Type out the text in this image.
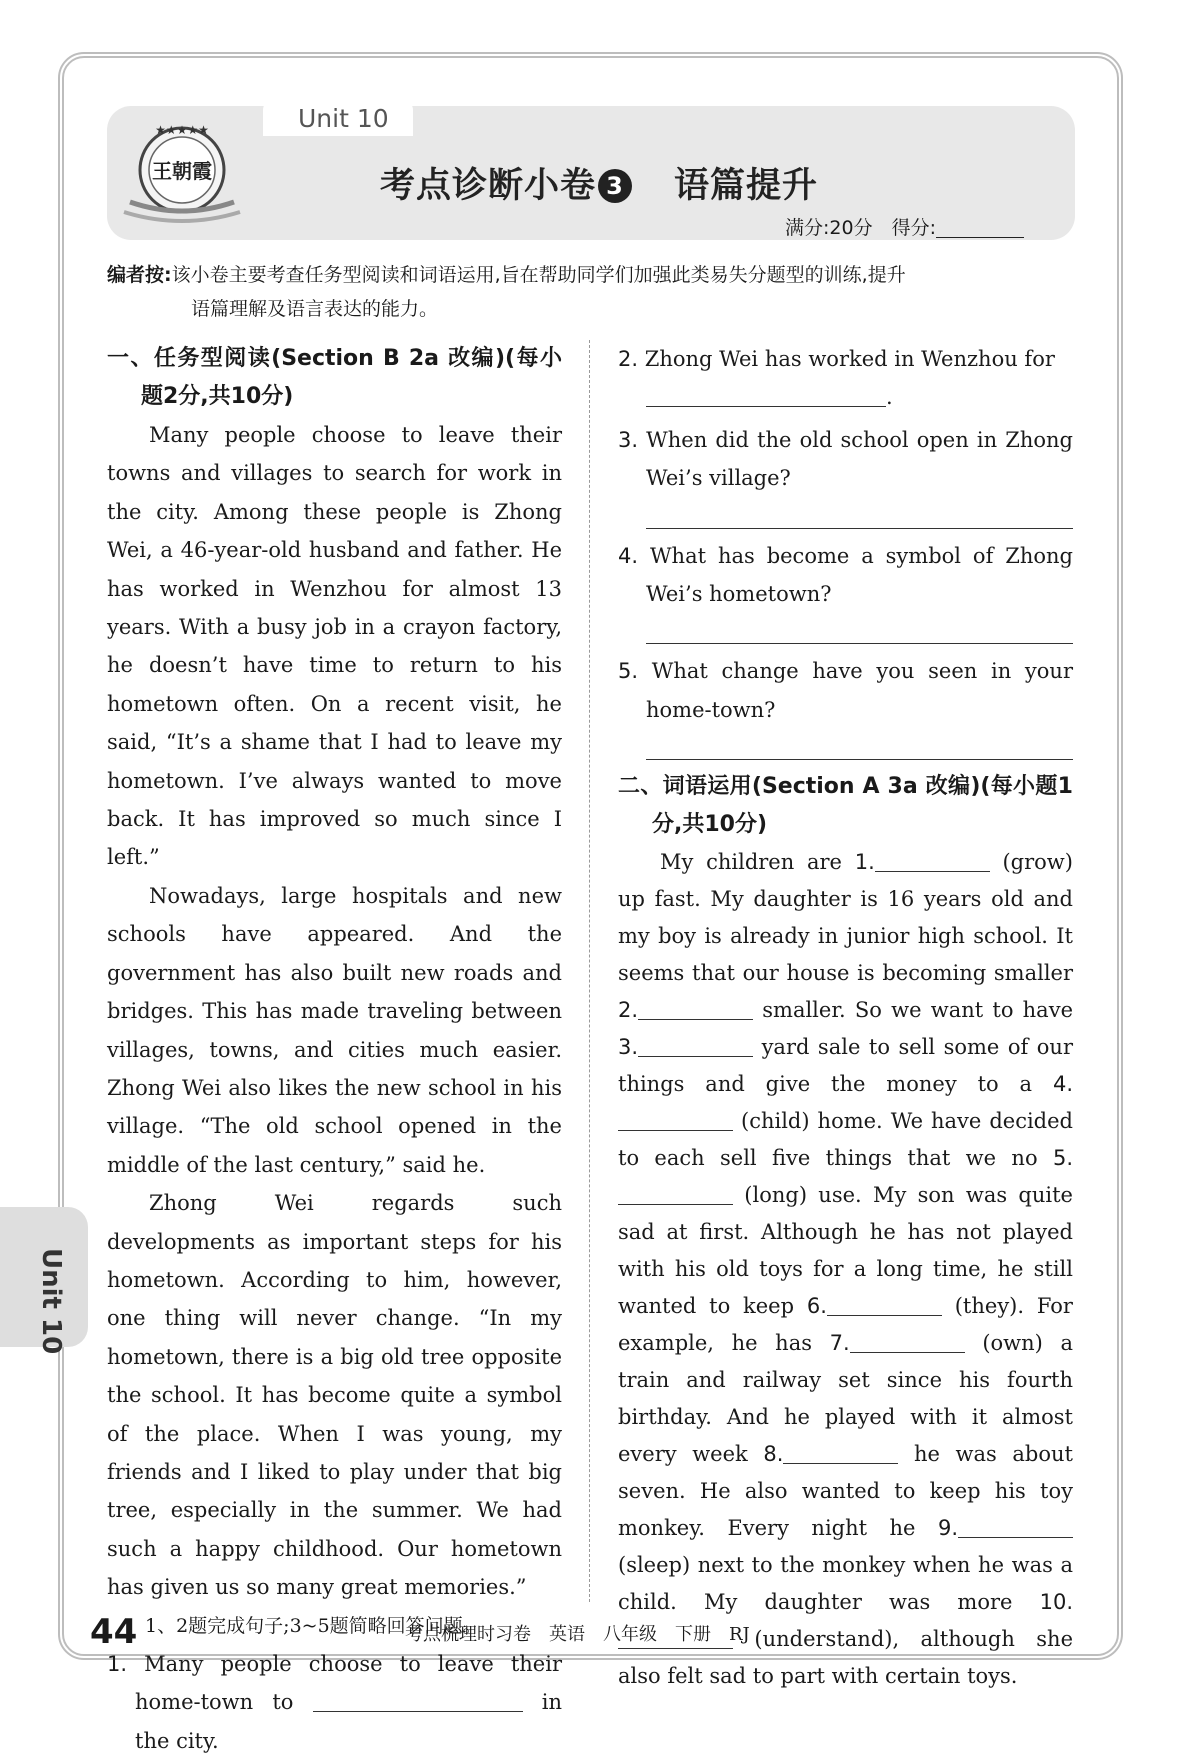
Unit 10
王朝霞
★★★★★
考点诊断小卷 3 语篇提升
满分:20分　得分:
编者按:该小卷主要考查任务型阅读和词语运用,旨在帮助同学们加强此类易失分题型的训练,提升
语篇理解及语言表达的能力。
一、任务型阅读(Section B 2a 改编)(每小题2分,共10分)

Many people choose to leave their towns and villages to search for work in the city. Among these people is Zhong Wei, a 46-year-old husband and father. He has worked in Wenzhou for almost 13 years. With a busy job in a crayon factory, he doesn’t have time to return to his hometown often. On a recent visit, he said, “It’s a shame that I had to leave my hometown. I’ve always wanted to move back. It has improved so much since I left.”

Nowadays, large hospitals and new schools have appeared. And the government has also built new roads and bridges. This has made traveling between villages, towns, and cities much easier. Zhong Wei also likes the new school in his village. “The old school opened in the middle of the last century,” said he.

Zhong Wei regards such developments as important steps for his hometown. According to him, however, one thing will never change. “In my hometown, there is a big old tree opposite the school. It has become quite a symbol of the place. When I was young, my friends and I liked to play under that big tree, especially in the summer. We had such a happy childhood. Our hometown has given us so many great memories.”

1、2题完成句子;3~5题简略回答问题。

1. Many people choose to leave their home-town to	in the city.

2. Zhong Wei has worked in Wenzhou for
.

3. When did the old school open in Zhong Wei’s village?

4. What has become a symbol of Zhong Wei’s hometown?

5. What change have you seen in your home-town?

二、词语运用(Section A 3a 改编)(每小题1分,共10分)

My children are 1.	(grow) up fast. My daughter is 16 years old and my boy is already in junior high school. It seems that our house is becoming smaller 2.	smaller. So we want to have 3.	yard sale to sell some of our things and give the money to a 4. (child) home. We have decided to each sell five things that we no 5. (long) use. My son was quite sad at first. Although he has not played with his old toys for a long time, he still wanted to keep 6.	(they). For example, he has 7.	(own) a train and railway set since his fourth birthday. And he played with it almost every week 8.	he was about seven. He also wanted to keep his toy monkey. Every night he 9. (sleep) next to the monkey when he was a child. My daughter was more 10. (understand), although she also felt sad to part with certain toys.

Unit 10
44	考点梳理时习卷　英语　八年级　下册　RJ
